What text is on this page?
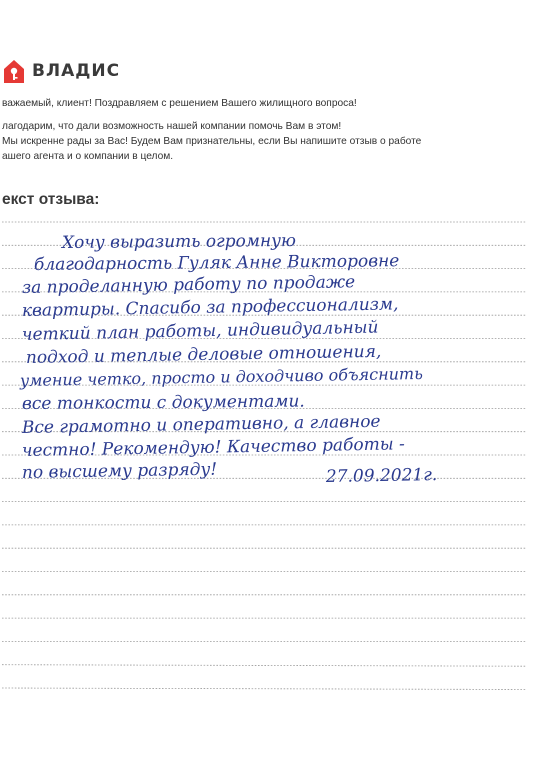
ВЛАДИС

важаемый, клиент! Поздравляем с решением Вашего жилищного вопроса!

лагодарим, что дали возможность нашей компании помочь Вам в этом!

Мы искренне рады за Вас! Будем Вам признательны, если Вы напишите отзыв о работе

ашего агента и о компании в целом.

екст отзыва:
Хочу выразить огромную
благодарность Гуляк Анне Викторовне
за проделанную работу по продаже
квартиры. Спасибо за профессионализм,
четкий план работы, индивидуальный
подход и теплые деловые отношения,
умение четко, просто и доходчиво объяснить
все тонкости с документами.
Все грамотно и оперативно, а главное
честно! Рекомендую! Качество работы -
по высшему разряду!	27.09.2021г.
